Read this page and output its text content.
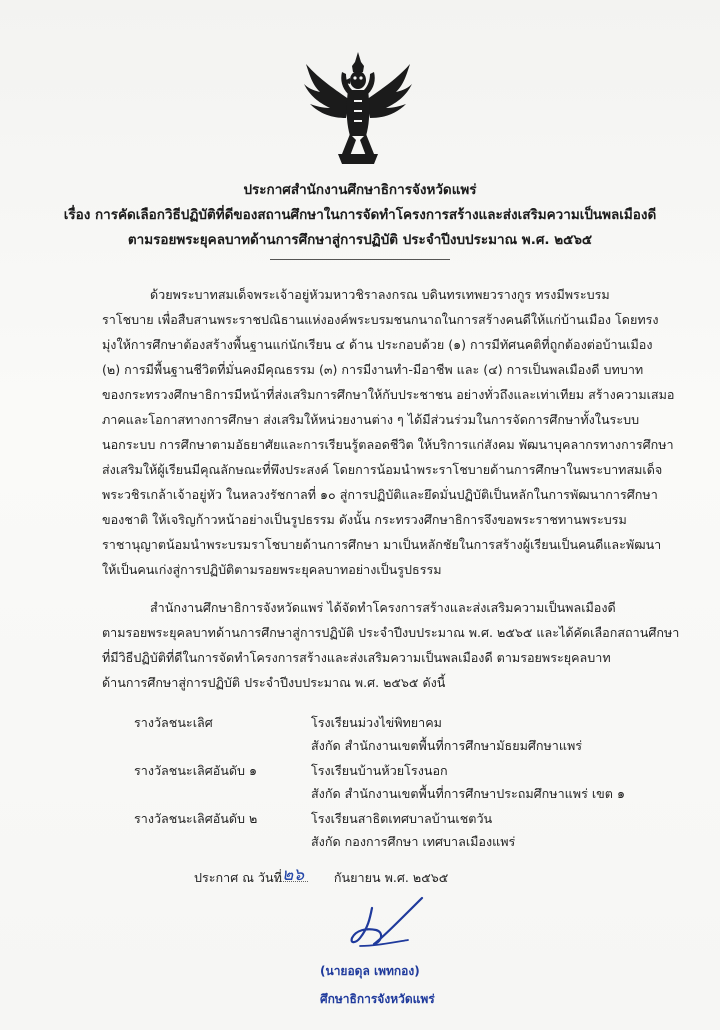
ประกาศสำนักงานศึกษาธิการจังหวัดแพร่
เรื่อง การคัดเลือกวิธีปฏิบัติที่ดีของสถานศึกษาในการจัดทำโครงการสร้างและส่งเสริมความเป็นพลเมืองดี
ตามรอยพระยุคลบาทด้านการศึกษาสู่การปฏิบัติ ประจำปีงบประมาณ พ.ศ. ๒๕๖๕

ด้วยพระบาทสมเด็จพระเจ้าอยู่หัวมหาวชิราลงกรณ บดินทรเทพยวรางกูร ทรงมีพระบรม

ราโชบาย เพื่อสืบสานพระราชปณิธานแห่งองค์พระบรมชนกนาถในการสร้างคนดีให้แก่บ้านเมือง โดยทรง

มุ่งให้การศึกษาต้องสร้างพื้นฐานแก่นักเรียน ๔ ด้าน ประกอบด้วย (๑) การมีทัศนคติที่ถูกต้องต่อบ้านเมือง

(๒) การมีพื้นฐานชีวิตที่มั่นคงมีคุณธรรม (๓) การมีงานทำ-มีอาชีพ และ (๔) การเป็นพลเมืองดี บทบาท

ของกระทรวงศึกษาธิการมีหน้าที่ส่งเสริมการศึกษาให้กับประชาชน อย่างทั่วถึงและเท่าเทียม สร้างความเสมอ

ภาคและโอกาสทางการศึกษา ส่งเสริมให้หน่วยงานต่าง ๆ ได้มีส่วนร่วมในการจัดการศึกษาทั้งในระบบ

นอกระบบ การศึกษาตามอัธยาศัยและการเรียนรู้ตลอดชีวิต ให้บริการแก่สังคม พัฒนาบุคลากรทางการศึกษา

ส่งเสริมให้ผู้เรียนมีคุณลักษณะที่พึงประสงค์ โดยการน้อมนำพระราโชบายด้านการศึกษาในพระบาทสมเด็จ

พระวชิรเกล้าเจ้าอยู่หัว ในหลวงรัชกาลที่ ๑๐ สู่การปฏิบัติและยึดมั่นปฏิบัติเป็นหลักในการพัฒนาการศึกษา

ของชาติ ให้เจริญก้าวหน้าอย่างเป็นรูปธรรม ดังนั้น กระทรวงศึกษาธิการจึงขอพระราชทานพระบรม

ราชานุญาตน้อมนำพระบรมราโชบายด้านการศึกษา มาเป็นหลักชัยในการสร้างผู้เรียนเป็นคนดีและพัฒนา

ให้เป็นคนเก่งสู่การปฏิบัติตามรอยพระยุคลบาทอย่างเป็นรูปธรรม

สำนักงานศึกษาธิการจังหวัดแพร่ ได้จัดทำโครงการสร้างและส่งเสริมความเป็นพลเมืองดี

ตามรอยพระยุคลบาทด้านการศึกษาสู่การปฏิบัติ ประจำปีงบประมาณ พ.ศ. ๒๕๖๕ และได้คัดเลือกสถานศึกษา

ที่มีวิธีปฏิบัติที่ดีในการจัดทำโครงการสร้างและส่งเสริมความเป็นพลเมืองดี ตามรอยพระยุคลบาท

ด้านการศึกษาสู่การปฏิบัติ ประจำปีงบประมาณ พ.ศ. ๒๕๖๕ ดังนี้

รางวัลชนะเลิศ	โรงเรียนม่วงไข่พิทยาคม
สังกัด สำนักงานเขตพื้นที่การศึกษามัธยมศึกษาแพร่
รางวัลชนะเลิศอันดับ ๑	โรงเรียนบ้านห้วยโรงนอก
สังกัด สำนักงานเขตพื้นที่การศึกษาประถมศึกษาแพร่ เขต ๑
รางวัลชนะเลิศอันดับ ๒	โรงเรียนสาธิตเทศบาลบ้านเชตวัน
สังกัด กองการศึกษา เทศบาลเมืองแพร่
ประกาศ ณ วันที่	กันยายน พ.ศ. ๒๕๖๕
๒๖
(นายอดุล เพทกอง)
ศึกษาธิการจังหวัดแพร่
